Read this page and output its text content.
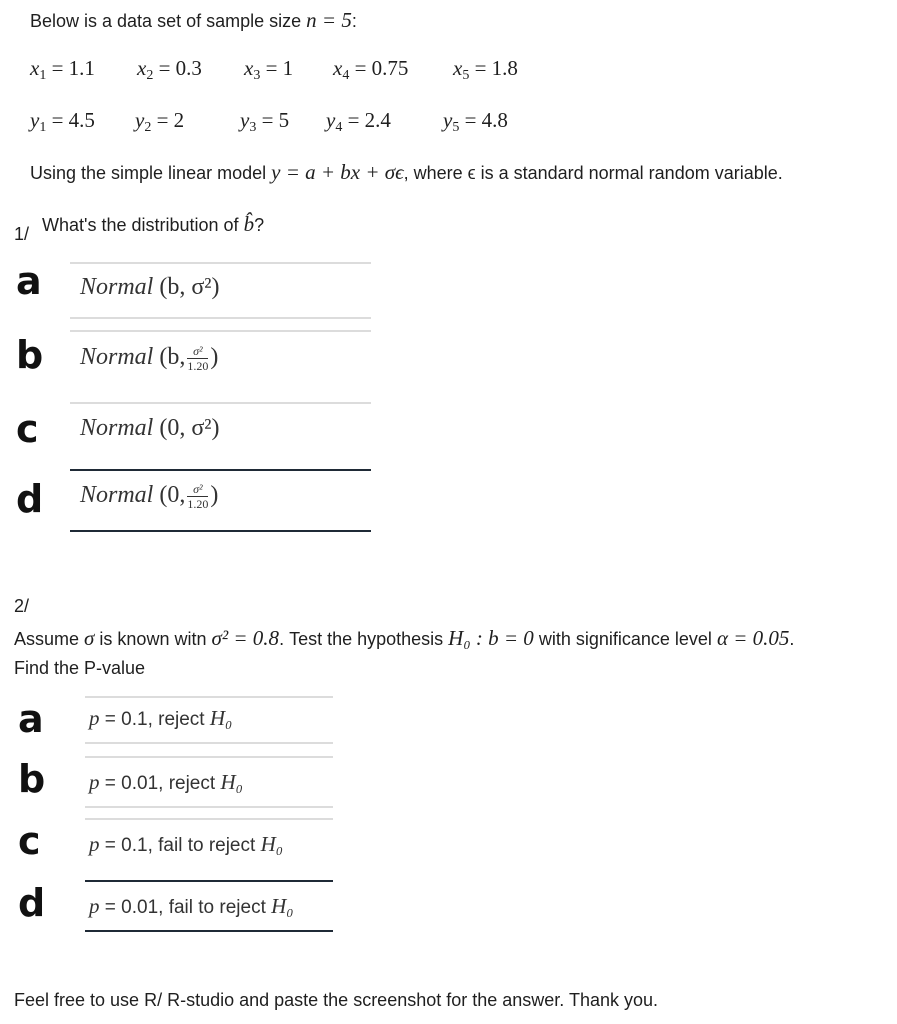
Below is a data set of sample size n = 5:
$x_1 = 1.1$ $x_2 = 0.3$ $x_3 = 1$ $x_4 = 0.75$ $x_5 = 1.8$
$y_1 = 4.5$ $y_2 = 2$	$y_3 = 5$ $y_4 = 2.4$ $y_5 = 4.8$
Using the simple linear model y = a + bx + σϵ, where ϵ is a standard normal random variable.
1/ What's the distribution of b̂?
a Normal (b, σ²)
b Normal (b, $\frac{\text{σ²}}{1.20}$ )
c Normal (0, σ²)
d Normal (0, $\frac{\text{σ²}}{1.20}$ )
2/
Assume σ is known witn σ² = 0.8. Test the hypothesis H₀ : b = 0 with significance level α = 0.05.
Find the P-value
a p = 0.1, reject H₀
b p = 0.01, reject H₀
c p = 0.1, fail to reject H₀
d p = 0.01, fail to reject H₀
Feel free to use R/ R-studio and paste the screenshot for the answer. Thank you.
